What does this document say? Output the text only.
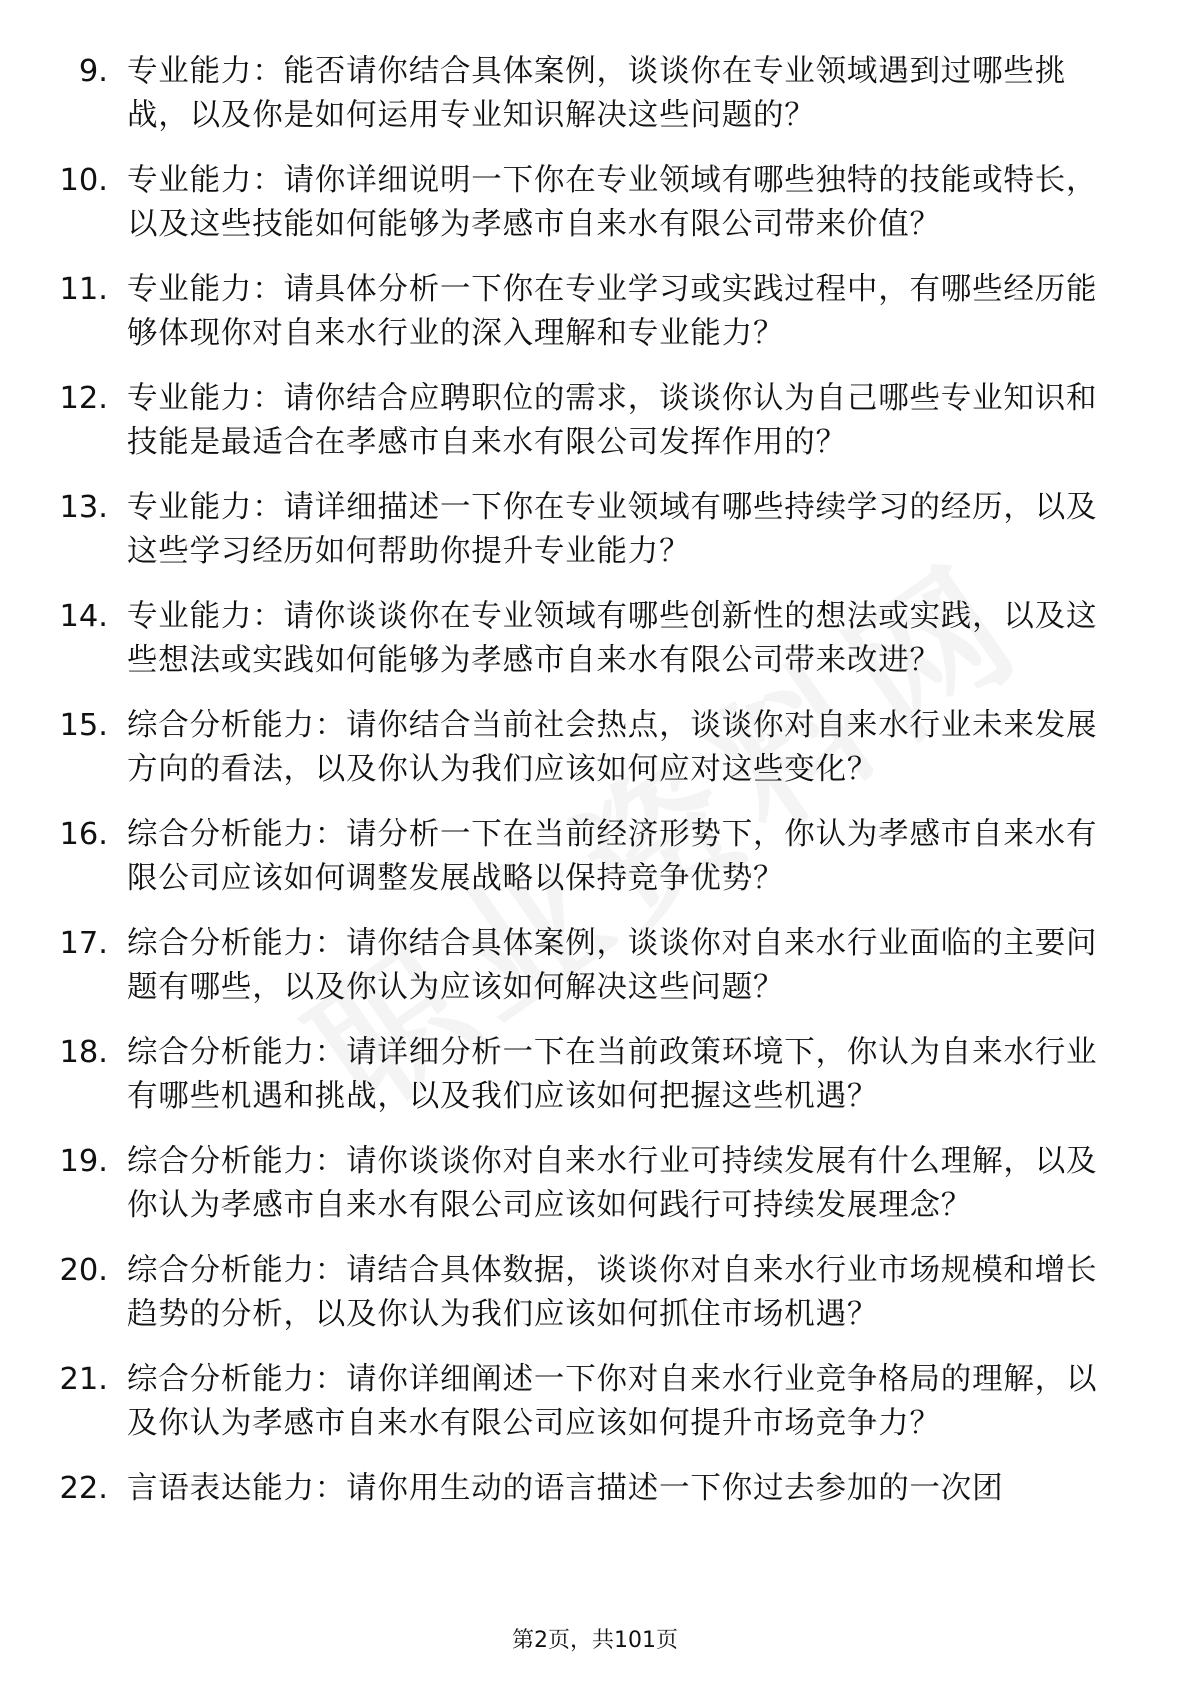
9. 专业能力：能否请你结合具体案例，谈谈你在专业领域遇到过哪些挑战，以及你是如何运用专业知识解决这些问题的？
10. 专业能力：请你详细说明一下你在专业领域有哪些独特的技能或特长，以及这些技能如何能够为孝感市自来水有限公司带来价值？
11. 专业能力：请具体分析一下你在专业学习或实践过程中，有哪些经历能够体现你对自来水行业的深入理解和专业能力？
12. 专业能力：请你结合应聘职位的需求，谈谈你认为自己哪些专业知识和技能是最适合在孝感市自来水有限公司发挥作用的？
13. 专业能力：请详细描述一下你在专业领域有哪些持续学习的经历，以及这些学习经历如何帮助你提升专业能力？
14. 专业能力：请你谈谈你在专业领域有哪些创新性的想法或实践，以及这些想法或实践如何能够为孝感市自来水有限公司带来改进？
15. 综合分析能力：请你结合当前社会热点，谈谈你对自来水行业未来发展方向的看法，以及你认为我们应该如何应对这些变化？
16. 综合分析能力：请分析一下在当前经济形势下，你认为孝感市自来水有限公司应该如何调整发展战略以保持竞争优势？
17. 综合分析能力：请你结合具体案例，谈谈你对自来水行业面临的主要问题有哪些，以及你认为应该如何解决这些问题？
18. 综合分析能力：请详细分析一下在当前政策环境下，你认为自来水行业有哪些机遇和挑战，以及我们应该如何把握这些机遇？
19. 综合分析能力：请你谈谈你对自来水行业可持续发展有什么理解，以及你认为孝感市自来水有限公司应该如何践行可持续发展理念？
20. 综合分析能力：请结合具体数据，谈谈你对自来水行业市场规模和增长趋势的分析，以及你认为我们应该如何抓住市场机遇？
21. 综合分析能力：请你详细阐述一下你对自来水行业竞争格局的理解，以及你认为孝感市自来水有限公司应该如何提升市场竞争力？
22. 言语表达能力：请你用生动的语言描述一下你过去参加的一次团
第2页，共101页
